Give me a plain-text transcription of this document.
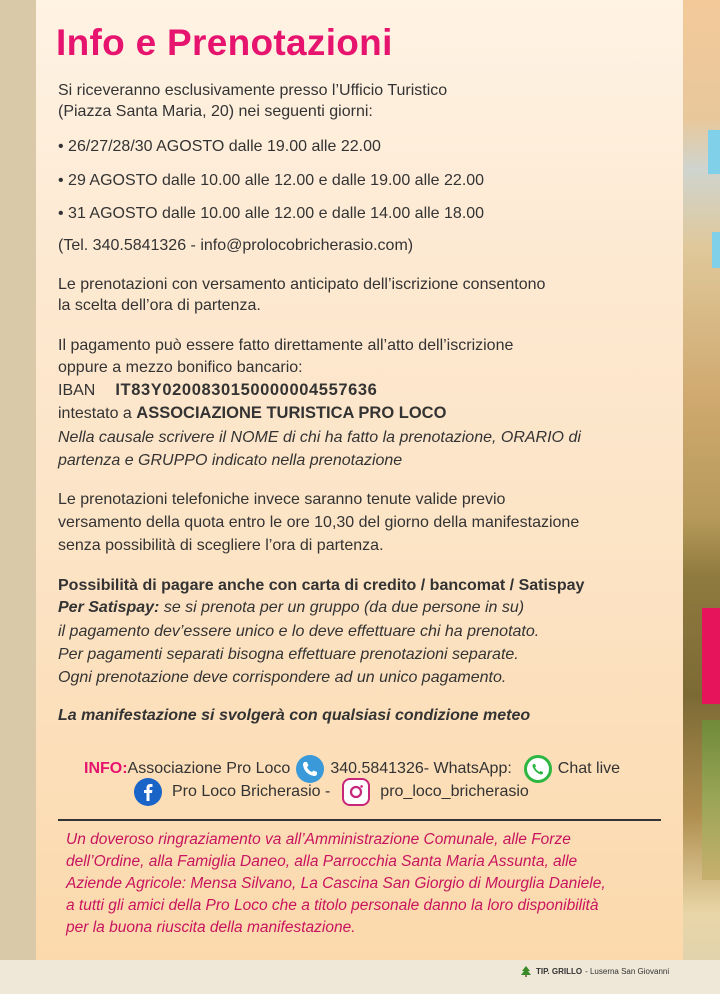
Info e Prenotazioni
Si riceveranno esclusivamente presso l’Ufficio Turistico
(Piazza Santa Maria, 20) nei seguenti giorni:
• 26/27/28/30 AGOSTO dalle 19.00 alle 22.00
• 29 AGOSTO dalle 10.00 alle 12.00 e dalle 19.00 alle 22.00
• 31 AGOSTO dalle 10.00 alle 12.00 e dalle 14.00 alle 18.00
(Tel. 340.5841326 - info@prolocobricherasio.com)
Le prenotazioni con versamento anticipato dell’iscrizione consentono
la scelta dell’ora di partenza.
Il pagamento può essere fatto direttamente all’atto dell’iscrizione
oppure a mezzo bonifico bancario:
IBAN IT83Y0200830150000004557636
intestato a ASSOCIAZIONE TURISTICA PRO LOCO
Nella causale scrivere il NOME di chi ha fatto la prenotazione, ORARIO di
partenza e GRUPPO indicato nella prenotazione
Le prenotazioni telefoniche invece saranno tenute valide previo
versamento della quota entro le ore 10,30 del giorno della manifestazione
senza possibilità di scegliere l’ora di partenza.
Possibilità di pagare anche con carta di credito / bancomat / Satispay
Per Satispay: se si prenota per un gruppo (da due persone in su)
il pagamento dev’essere unico e lo deve effettuare chi ha prenotato.
Per pagamenti separati bisogna effettuare prenotazioni separate.
Ogni prenotazione deve corrispondere ad un unico pagamento.
La manifestazione si svolgerà con qualsiasi condizione meteo
INFO: Associazione Pro Loco	340.5841326 - WhatsApp:	Chat live
Pro Loco Bricherasio -	pro_loco_bricherasio
Un doveroso ringraziamento va all’Amministrazione Comunale, alle Forze
dell’Ordine, alla Famiglia Daneo, alla Parrocchia Santa Maria Assunta, alle
Aziende Agricole: Mensa Silvano, La Cascina San Giorgio di Mourglia Daniele,
a tutti gli amici della Pro Loco che a titolo personale danno la loro disponibilità
per la buona riuscita della manifestazione.
TIP. GRILLO - Luserna San Giovanni
